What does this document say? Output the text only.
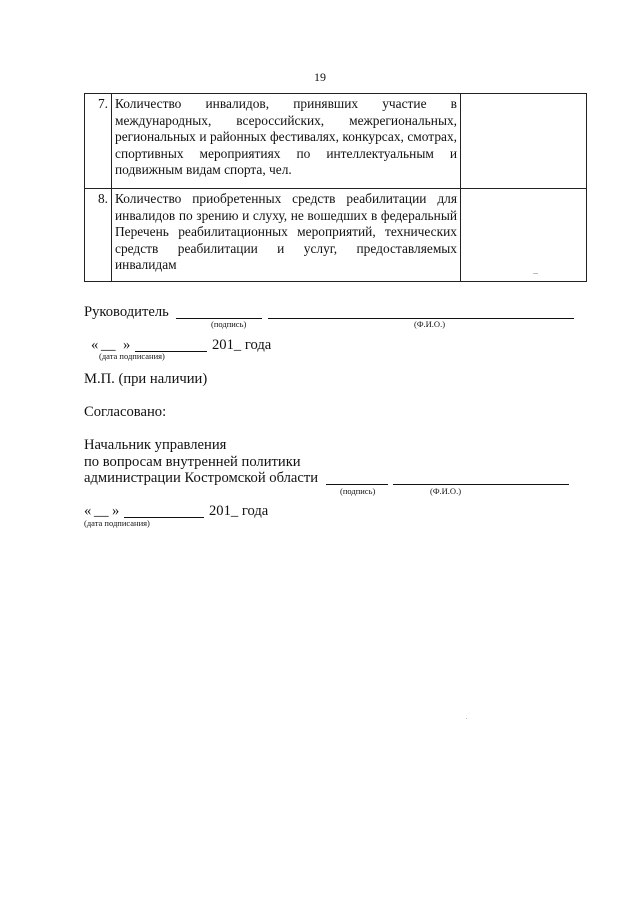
19
7.	Количество инвалидов, принявших участие в международных, всероссийских, межрегиональных, региональных и районных фестивалях, конкурсах, смотрах, спортивных мероприятиях по интеллектуальным и подвижным видам спорта, чел.	
8.	Количество приобретенных средств реабилитации для инвалидов по зрению и слуху, не вошедших в федеральный Перечень реабилитационных мероприятий, технических средств реабилитации и услуг, предоставляемых инвалидам	
Руководитель
(подпись)	(Ф.И.О.)
« __ »	201_ года
(дата подписания)
М.П. (при наличии)
Согласовано:
Начальник управления
по вопросам внутренней политики
администрации Костромской области
(подпись)	(Ф.И.О.)
« __ »	201_ года
(дата подписания)
